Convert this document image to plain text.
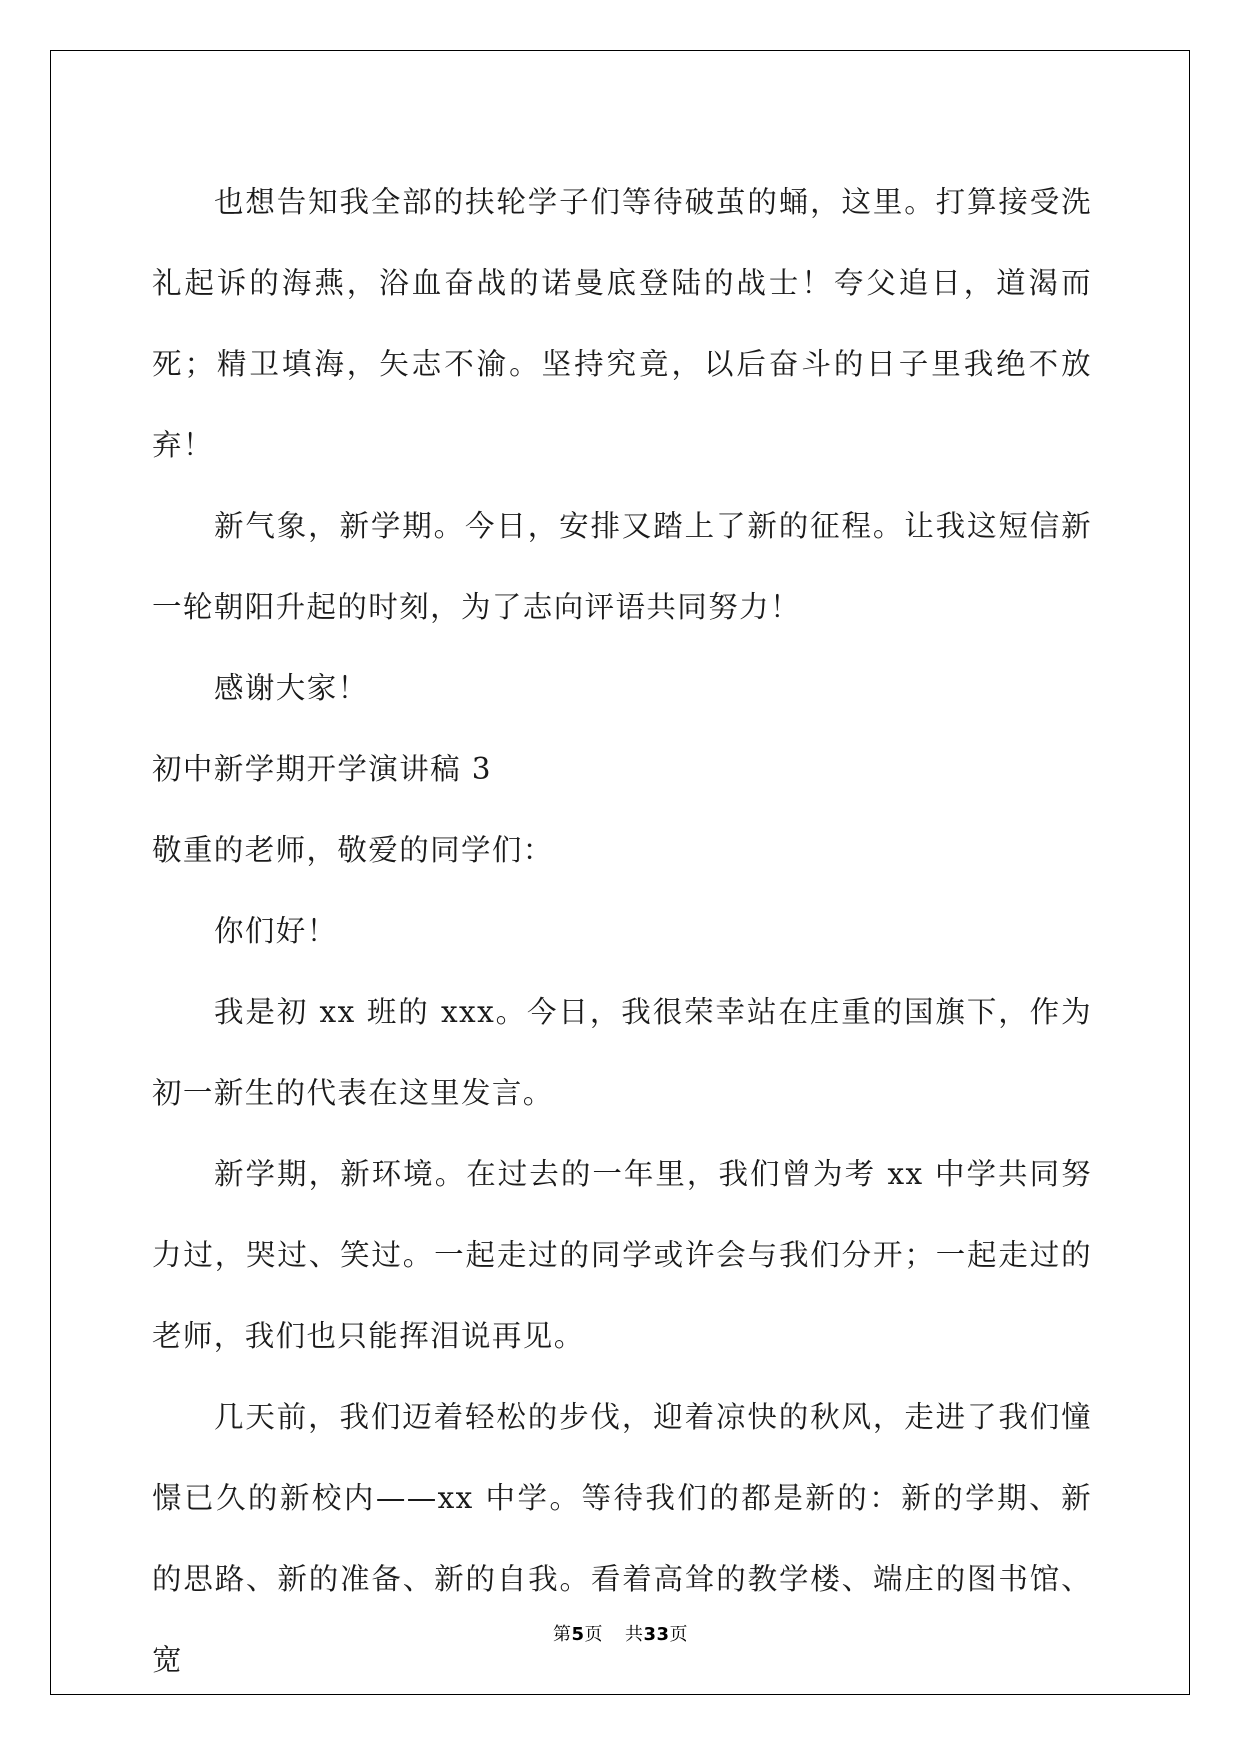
也想告知我全部的扶轮学子们等待破茧的蛹，这里。打算接受洗礼起诉的海燕，浴血奋战的诺曼底登陆的战士！夸父追日，道渴而死；精卫填海，矢志不渝。坚持究竟，以后奋斗的日子里我绝不放弃！

新气象，新学期。今日，安排又踏上了新的征程。让我这短信新一轮朝阳升起的时刻，为了志向评语共同努力！

感谢大家！

初中新学期开学演讲稿 3

敬重的老师，敬爱的同学们：

你们好！

我是初 xx 班的 xxx。今日，我很荣幸站在庄重的国旗下，作为初一新生的代表在这里发言。

新学期，新环境。在过去的一年里，我们曾为考 xx 中学共同努力过，哭过、笑过。一起走过的同学或许会与我们分开；一起走过的老师，我们也只能挥泪说再见。

几天前，我们迈着轻松的步伐，迎着凉快的秋风，走进了我们憧憬已久的新校内——xx 中学。等待我们的都是新的：新的学期、新的思路、新的准备、新的自我。看着高耸的教学楼、端庄的图书馆、宽

第5页 共33页
